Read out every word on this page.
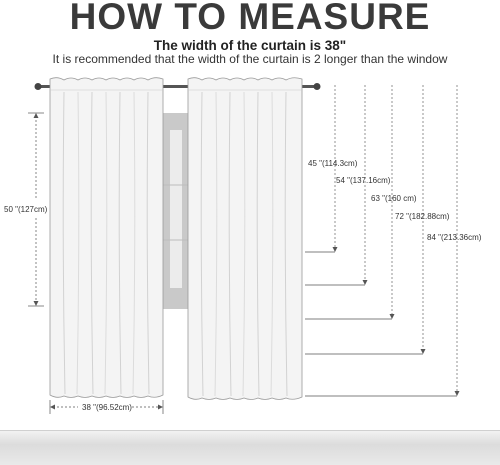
HOW TO MEASURE
The width of the curtain is 38"
It is recommended that the width of the curtain is 2 longer than the window
50 "(127cm)
38 "(96.52cm)
45 "(114.3cm)
54 "(137.16cm)
63 "(160 cm)
72 "(182.88cm)
84 "(213.36cm)
